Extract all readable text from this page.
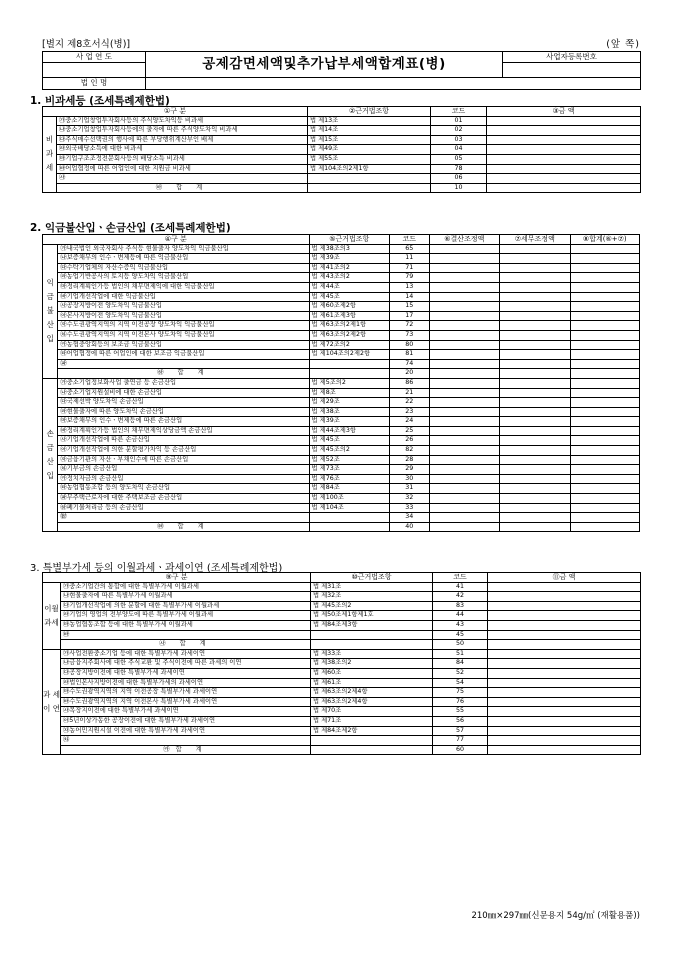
[별지 제8호서식(병)]	(앞 쪽)
사 업 연 도	공제감면세액및추가납부세액합계표(병)	사업자등록번호

법 인 명		
1. 비과세등 (조세특례제한법)
①구 분		②근거법조항	코드	③금 액
비 과 세	㉮중소기업창업투자회사등의 주식양도차익등 비과세	법 제13조	01	
	㉯중소기업창업투자회사등에의 출자에 따른 주식양도차익 비과세	법 제14조	02	
	㉰주식매수선택권의 행사에 따른 부당행위계산부인 배제	법 제15조	03	
	㉱외국배당소득에 대한 비과세	법 제49조	04	
	㉲기업구조조정전문회사등의 배당소득 비과세	법 제55조	05	
	㉳어업협정에 따른 어업인에 대한 지원금 비과세	법 제104조의2제1항	78	
	㉴		06	
	㉵ 합 계		10	
2. 익금불산입ㆍ손금산입 (조세특례제한법)
④구 분		⑤근거법조항	코드	⑥결산조정액	⑦세무조정액	⑧합계(⑥+⑦)
익 금 불 산 입	㉮내국법인 외국자회사 주식등 현물출자 양도차익 익금불산입	법 제38조의3	65			
	㉯보증채무의 인수ㆍ변제등에 따른 익금불산입	법 제39조	11			
	㉰수탁기업체의 자산수증익 익금불산입	법 제41조의2	71			
	㉱농업기반공사의 토지등 양도차익 익금불산입	법 제43조의2	79			
	㉲정리계획인가등 법인의 채무면제익에 대한 익금불산입	법 제44조	13			
	㉳기업개선작업에 대한 익금불산입	법 제45조	14			
	㉴공장지방이전 양도차익 익금불산입	법 제60조제2항	15			
	㉵본사지방이전 양도차익 익금불산입	법 제61조제3항	17			
	㉶수도권광역지역의 지역 이전공장 양도차익 익금불산입	법 제63조의2제1항	72			
	㉷수도권광역지역의 지역 이전본사 양도차익 익금불산입	법 제63조의2제2항	73			
	㉸농협중앙회등의 보조금 익금불산입	법 제72조의2	80			
	㉹어업협정에 따른 어업인에 대한 보조금 익금불산입	법 제104조의2제2항	81			
	㉺		74			
	㉻ 합 계		20			
손 금 산 입	㉮중소기업정보화사업 출연금 등 손금산입	법 제5조의2	86			
	㉯중소기업지원설비에 대한 손금산입	법 제8조	21			
	㉰국제선박 양도차익 손금산입	법 제29조	22			
	㉱현물출자에 따른 양도차익 손금산입	법 제38조	23			
	㉲보증채무의 인수ㆍ변제등에 따른 손금산입	법 제39조	24			
	㉳정리계획인가등 법인의 채무면제익상당금액 손금산입	법 제44조제3항	25			
	㉴기업개선작업에 따른 손금산입	법 제45조	26			
	㉵기업개선작업에 의한 분할평가차익 등 손금산입	법 제45조의2	82			
	㉶금융기관의 자산ㆍ부채인수에 따른 손금산입	법 제52조	28			
	㉷기부금의 손금산입	법 제73조	29			
	㉸정치자금의 손금산입	법 제76조	30			
	㉹농업협동조합 등의 양도차익 손금산입	법 제84조	31			
	㉺무주택근로자에 대한 주택보조금 손금산입	법 제100조	32			
	㉻폐기물처리금 등의 손금산입	법 제104조	33			
	㉼		34			
	㉽ 합 계		40			
3. 특별부가세 등의 이월과세ㆍ과세이연 (조세특례제한법)
⑨구 분		⑩근거법조항	코드	⑪금 액
이월 과세	㉮중소기업간의 통합에 대한 특별부가세 이월과세	법 제31조	41	
	㉯현물출자에 따른 특별부가세 이월과세	법 제32조	42	
	㉰기업개선작업에 의한 분할에 대한 특별부가세 이월과세	법 제45조의2	83	
	㉱기업의 영업의 전부양도에 따른 특별부가세 이월과세	법 제50조제1항제1호	44	
	㉲농업협동조합 등에 대한 특별부가세 이월과세	법 제84조제3항	43	
	㉳		45	
	㉴ 합 계		50	
과 세 이 연	㉮사업전환중소기업 등에 대한 특별부가세 과세이연	법 제33조	51	
	㉯금융지주회사에 대한 주식교환 및 주식이전에 따른 과세의 이연	법 제38조의2	84	
	㉰공장지방이전에 대한 특별부가세 과세이연	법 제60조	52	
	㉱법인본사지방이전에 대한 특별부가세의 과세이연	법 제61조	54	
	㉲수도권광역지역의 지역 이전공장 특별부가세 과세이연	법 제63조의2제4항	75	
	㉳수도권광역지역의 지역 이전본사 특별부가세 과세이연	법 제63조의2제4항	76	
	㉴목장지이전에 대한 특별부가세 과세이연	법 제70조	55	
	㉵5년이상가동한 공장이전에 대한 특별부가세 과세이연	법 제71조	56	
	㉶농어민지원시설 이전에 대한 특별부가세 과세이연	법 제84조제2항	57	
	㉷		77	
	㉸합 계		60	
210㎜×297㎜(신문용지 54g/㎡ (재활용품))
